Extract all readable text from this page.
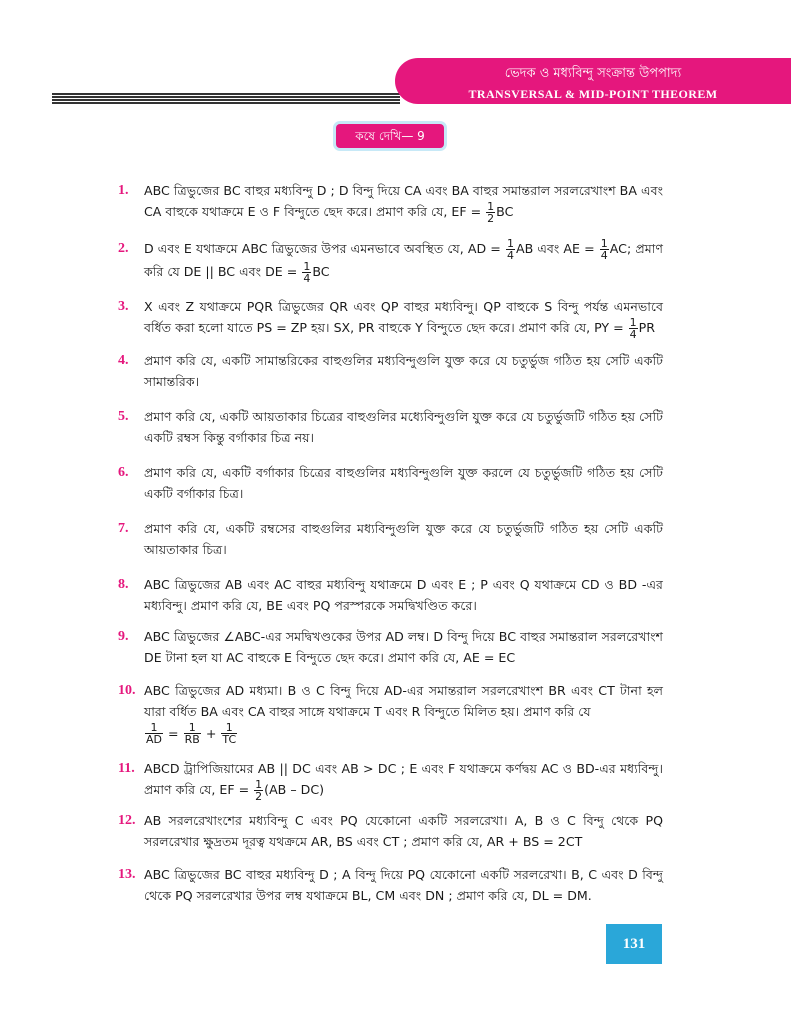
ভেদক ও মধ্যবিন্দু সংক্রান্ত উপপাদ্য
TRANSVERSAL & MID-POINT THEOREM
কষে দেখি— 9
1.	ABC ত্রিভুজের BC বাহুর মধ্যবিন্দু D ; D বিন্দু দিয়ে CA এবং BA বাহুর সমান্তরাল সরলরেখাংশ BA এবং CA বাহুকে যথাক্রমে E ও F বিন্দুতে ছেদ করে। প্রমাণ করি যে, EF = $\frac{1}{2}$ BC
2.	D এবং E যথাক্রমে ABC ত্রিভুজের উপর এমনভাবে অবস্থিত যে, AD = $\frac{1}{4}$ AB এবং AE = $\frac{1}{4}$ AC; প্রমাণ করি যে DE || BC এবং DE = $\frac{1}{4}$ BC
3.	X এবং Z যথাক্রমে PQR ত্রিভুজের QR এবং QP বাহুর মধ্যবিন্দু। QP বাহুকে S বিন্দু পর্যন্ত এমনভাবে বর্ধিত করা হলো যাতে PS = ZP হয়। SX, PR বাহুকে Y বিন্দুতে ছেদ করে। প্রমাণ করি যে, PY = $\frac{1}{4}$ PR
4.	প্রমাণ করি যে, একটি সামান্তরিকের বাহুগুলির মধ্যবিন্দুগুলি যুক্ত করে যে চতুর্ভুজ গঠিত হয় সেটি একটি সামান্তরিক।
5.	প্রমাণ করি যে, একটি আয়তাকার চিত্রের বাহুগুলির মধ্যেবিন্দুগুলি যুক্ত করে যে চতুর্ভুজটি গঠিত হয় সেটি একটি রম্বস কিন্তু বর্গাকার চিত্র নয়।
6.	প্রমাণ করি যে, একটি বর্গাকার চিত্রের বাহুগুলির মধ্যবিন্দুগুলি যুক্ত করলে যে চতুর্ভুজটি গঠিত হয় সেটি একটি বর্গাকার চিত্র।
7.	প্রমাণ করি যে, একটি রম্বসের বাহুগুলির মধ্যবিন্দুগুলি যুক্ত করে যে চতুর্ভুজটি গঠিত হয় সেটি একটি আয়তাকার চিত্র।
8.	ABC ত্রিভুজের AB এবং AC বাহুর মধ্যবিন্দু যথাক্রমে D এবং E ; P এবং Q যথাক্রমে CD ও BD -এর মধ্যবিন্দু। প্রমাণ করি যে, BE এবং PQ পরস্পরকে সমদ্বিখণ্ডিত করে।
9.	ABC ত্রিভুজের ∠ABC-এর সমদ্বিখণ্ডকের উপর AD লম্ব। D বিন্দু দিয়ে BC বাহুর সমান্তরাল সরলরেখাংশ DE টানা হল যা AC বাহুকে E বিন্দুতে ছেদ করে। প্রমাণ করি যে, AE = EC
10. ABC ত্রিভুজের AD মধ্যমা। B ও C বিন্দু দিয়ে AD-এর সমান্তরাল সরলরেখাংশ BR এবং CT টানা হল যারা বর্ধিত BA এবং CA বাহুর সাঙ্গে যথাক্রমে T এবং R বিন্দুতে মিলিত হয়। প্রমাণ করি যে

$\frac{1}{AD} = \frac{1}{RB} + \frac{1}{TC}$
11. ABCD ট্রাপিজিয়ামের AB || DC এবং AB > DC ; E এবং F যথাক্রমে কর্ণদ্বয় AC ও BD-এর মধ্যবিন্দু। প্রমাণ করি যে, EF = $\frac{1}{2} (AB - DC)$
12. AB সরলরেখাংশের মধ্যবিন্দু C এবং PQ যেকোনো একটি সরলরেখা। A, B ও C বিন্দু থেকে PQ সরলরেখার ক্ষুদ্রতম দূরত্ব যথক্রমে AR, BS এবং CT ; প্রমাণ করি যে, AR + BS = 2CT
13. ABC ত্রিভুজের BC বাহুর মধ্যবিন্দু D ; A বিন্দু দিয়ে PQ যেকোনো একটি সরলরেখা। B, C এবং D বিন্দু থেকে PQ সরলরেখার উপর লম্ব যথাক্রমে BL, CM এবং DN ; প্রমাণ করি যে, DL = DM.
131
